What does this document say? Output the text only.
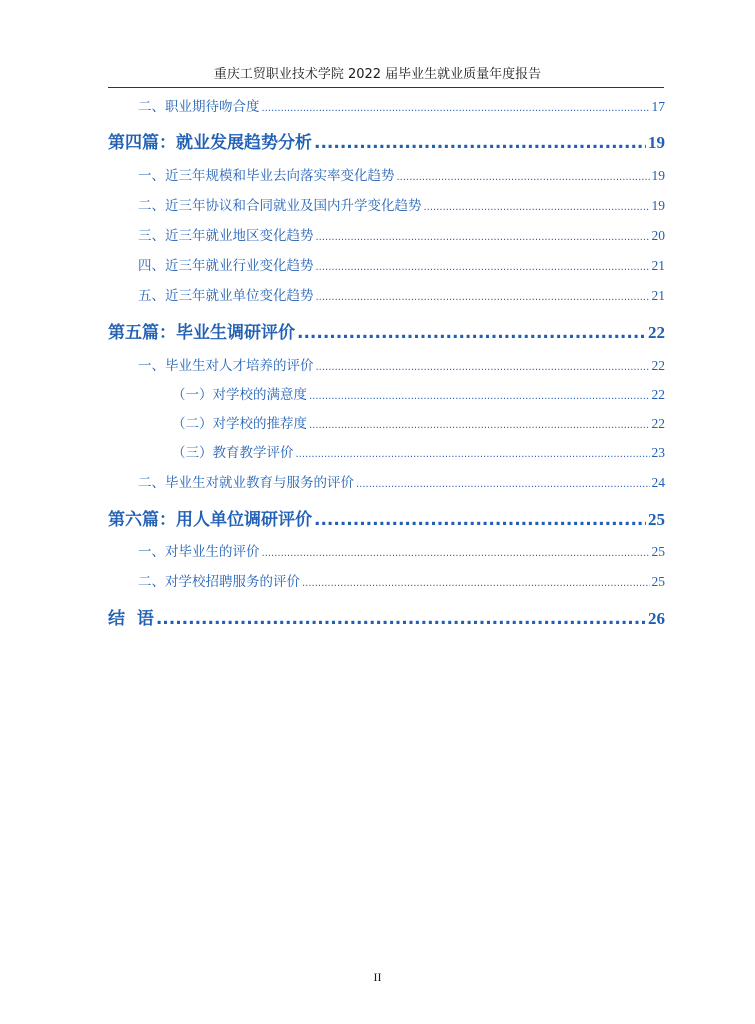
重庆工贸职业技术学院 2022 届毕业生就业质量年度报告
二、职业期待吻合度 .....	17
第四篇：就业发展趋势分析 .....	19
一、近三年规模和毕业去向落实率变化趋势 .....	19
二、近三年协议和合同就业及国内升学变化趋势 .....	19
三、近三年就业地区变化趋势 .....	20
四、近三年就业行业变化趋势 .....	21
五、近三年就业单位变化趋势 .....	21
第五篇：毕业生调研评价 .....	22
一、毕业生对人才培养的评价 .....	22
（一）对学校的满意度 .....	22
（二）对学校的推荐度 .....	22
（三）教育教学评价 .....	23
二、毕业生对就业教育与服务的评价 .....	24
第六篇：用人单位调研评价 .....	25
一、对毕业生的评价 .....	25
二、对学校招聘服务的评价 .....	25
结  语 .....	26
II
